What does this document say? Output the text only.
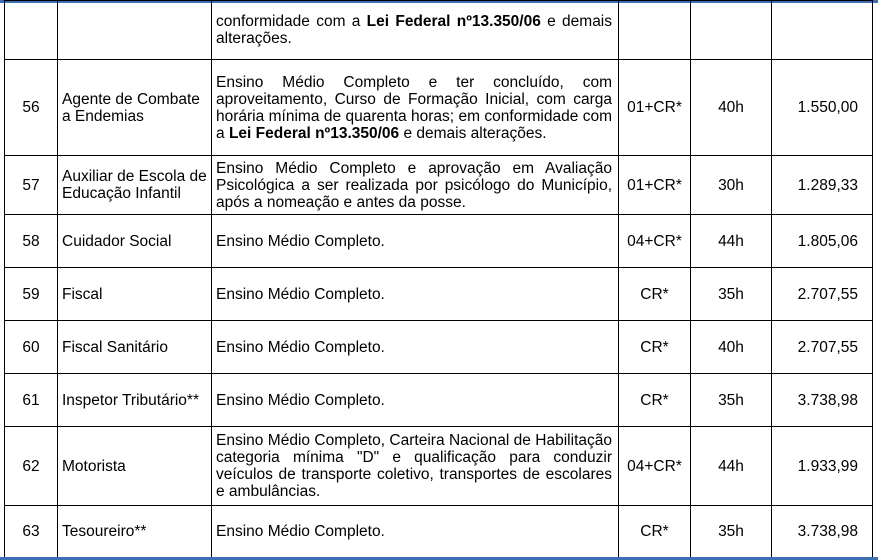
		conformidade com a Lei Federal nº13.350/06 e demais alterações.			
56	Agente de Combate a Endemias	Ensino Médio Completo e ter concluído, com aproveitamento, Curso de Formação Inicial, com carga horária mínima de quarenta horas; em conformidade com a Lei Federal nº13.350/06 e demais alterações.	01+CR*	40h	1.550,00
57	Auxiliar de Escola de Educação Infantil	Ensino Médio Completo e aprovação em Avaliação Psicológica a ser realizada por psicólogo do Município, após a nomeação e antes da posse.	01+CR*	30h	1.289,33
58	Cuidador Social	Ensino Médio Completo.	04+CR*	44h	1.805,06
59	Fiscal	Ensino Médio Completo.	CR*	35h	2.707,55
60	Fiscal Sanitário	Ensino Médio Completo.	CR*	40h	2.707,55
61	Inspetor Tributário**	Ensino Médio Completo.	CR*	35h	3.738,98
62	Motorista	Ensino Médio Completo, Carteira Nacional de Habilitação categoria mínima "D" e qualificação para conduzir veículos de transporte coletivo, transportes de escolares e ambulâncias.	04+CR*	44h	1.933,99
63	Tesoureiro**	Ensino Médio Completo.	CR*	35h	3.738,98
